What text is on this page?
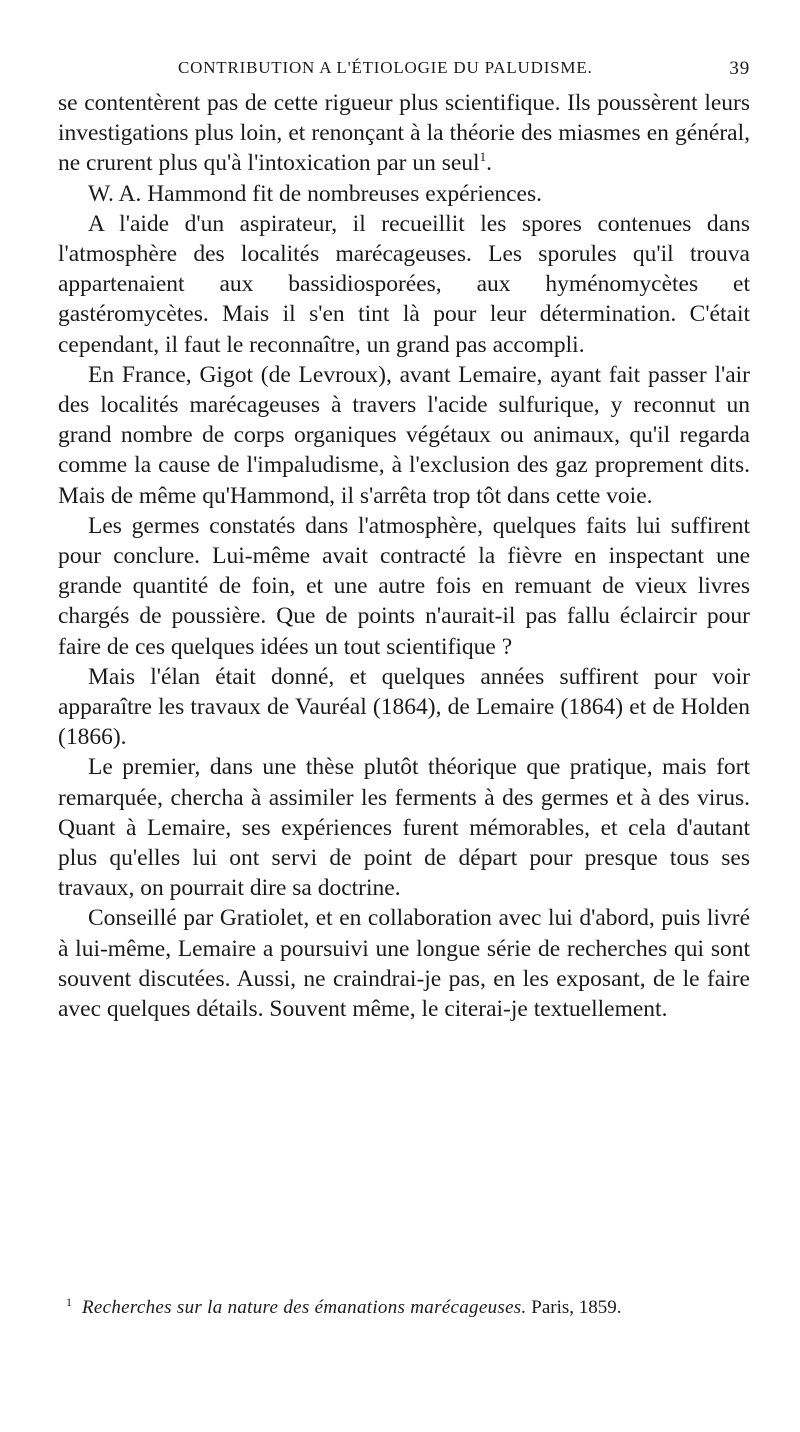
CONTRIBUTION A L'ÉTIOLOGIE DU PALUDISME.	39

se contentèrent pas de cette rigueur plus scientifique. Ils poussèrent leurs investigations plus loin, et renonçant à la théorie des miasmes en général, ne crurent plus qu'à l'intoxication par un seul$^1$.

W. A. Hammond fit de nombreuses expériences.

A l'aide d'un aspirateur, il recueillit les spores contenues dans l'atmosphère des localités marécageuses. Les sporules qu'il trouva appartenaient aux bassidiosporées, aux hyménomycètes et gastéromycètes. Mais il s'en tint là pour leur détermination. C'était cependant, il faut le reconnaître, un grand pas accompli.

En France, Gigot (de Levroux), avant Lemaire, ayant fait passer l'air des localités marécageuses à travers l'acide sulfurique, y reconnut un grand nombre de corps organiques végétaux ou animaux, qu'il regarda comme la cause de l'impaludisme, à l'exclusion des gaz proprement dits. Mais de même qu'Hammond, il s'arrêta trop tôt dans cette voie.

Les germes constatés dans l'atmosphère, quelques faits lui suffirent pour conclure. Lui-même avait contracté la fièvre en inspectant une grande quantité de foin, et une autre fois en remuant de vieux livres chargés de poussière. Que de points n'aurait-il pas fallu éclaircir pour faire de ces quelques idées un tout scientifique ?

Mais l'élan était donné, et quelques années suffirent pour voir apparaître les travaux de Vauréal (1864), de Lemaire (1864) et de Holden (1866).

Le premier, dans une thèse plutôt théorique que pratique, mais fort remarquée, chercha à assimiler les ferments à des germes et à des virus. Quant à Lemaire, ses expériences furent mémorables, et cela d'autant plus qu'elles lui ont servi de point de départ pour presque tous ses travaux, on pourrait dire sa doctrine.

Conseillé par Gratiolet, et en collaboration avec lui d'abord, puis livré à lui-même, Lemaire a poursuivi une longue série de recherches qui sont souvent discutées. Aussi, ne craindrai-je pas, en les exposant, de le faire avec quelques détails. Souvent même, le citerai-je textuellement.

$^1$ Recherches sur la nature des émanations marécageuses. Paris, 1859.
